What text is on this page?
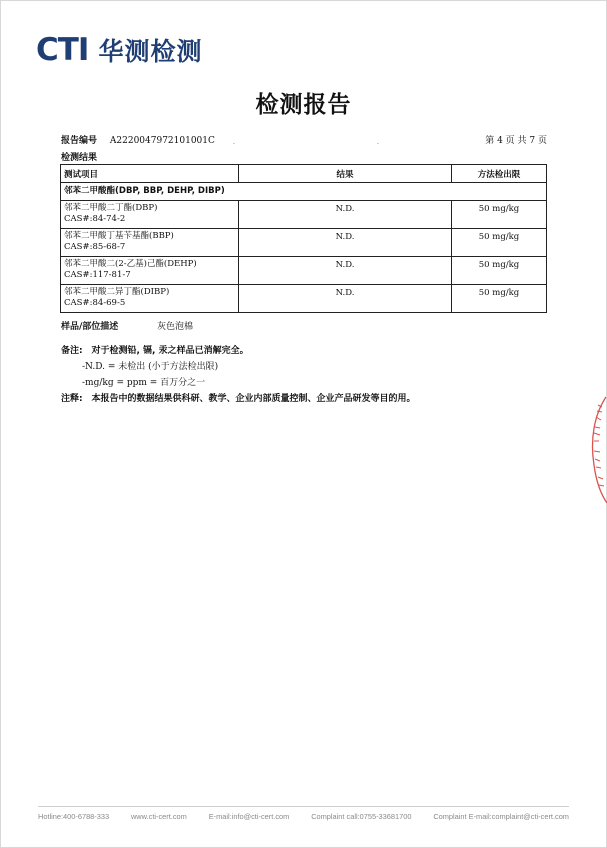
CTI 华测检测
检测报告
报告编号 A2220047972101001C	第 4 页 共 7 页
.	.
检测结果
测试项目	结果	方法检出限
邻苯二甲酸酯(DBP, BBP, DEHP, DIBP)		

邻苯二甲酸二丁酯(DBP)
CAS#:84-74-2	N.D.	50 mg/kg

邻苯二甲酸丁基苄基酯(BBP)
CAS#:85-68-7	N.D.	50 mg/kg

邻苯二甲酸二(2-乙基)己酯(DEHP)
CAS#:117-81-7	N.D.	50 mg/kg

邻苯二甲酸二异丁酯(DIBP)
CAS#:84-69-5	N.D.	50 mg/kg
样品/部位描述	灰色泡棉
备注: 对于检测铅, 镉, 汞之样品已消解完全。
-N.D. = 未检出 (小于方法检出限)
-mg/kg = ppm = 百万分之一
注释: 本报告中的数据结果供科研、教学、企业内部质量控制、企业产品研发等目的用。
Hotline:400-6788-333	www.cti-cert.com	E-mail:info@cti-cert.com	Complaint call:0755-33681700	Complaint E-mail:complaint@cti-cert.com
